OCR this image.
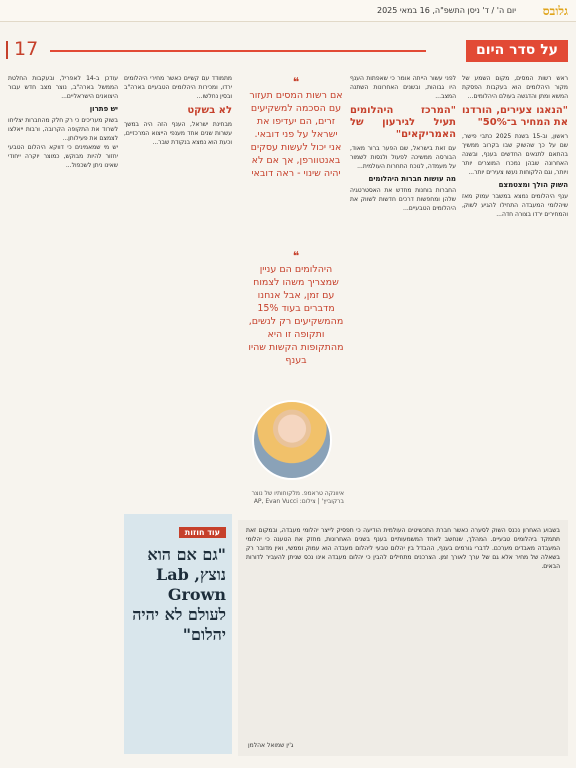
גלובס
יום ה' / ד' ניסן התשפ"ה, 16 במאי 2025
17	על סדר היום
ראש רשות המסים, מקום השמע של מקור היהלומים הוא בעקבות הפסקת המשא ומתן והדגשה בעולם היהלומים...
"הנאגו צעירים, הורדנו את המחיר ב־50%"
ראשון, וב-15 בשנת 2025 כתבי פישר, שם על כך שהשוק שבו בקרוב ממשיך בהתאם לתנאים החדשים בענף, ובשנה האחרונה שבהן נמכרו המוצרים יותר ויותר, וגם הלקוחות נעשו צעירים יותר...
השוק הולך ומצטמצם
ענף היהלומים נמצא במשבר עמוק מאז שיהלומי המעבדה התחילו להגיע לשוק, והמחירים ירדו בצורה חדה...
לפני עשור הייתה אומר כי שאפתות הענף היו גבוהות, ובשנים האחרונות השתנה המצב...
"המרכז היהלומים תעיל לגירעון של האמריקאים"
עם זאת בישראל, שם הפער ברור מאוד, הבורסה ממשיכה לפעול ולנסות לשמור על מעמדה, לנוכח התחרות העולמית...
מה עושות חברות היהלומים
החברות בוחנות מחדש את האסטרטגיה שלהן ומחפשות דרכים חדשות לשווק את היהלומים הטבעיים...
❝
אם רשות המסים תעזור עם הסכמה למשקיעים זרים, הם יעדיפו את ישראל על פני דובאי. אני יכול לעשות עסקים באנטוורפן, אך אם לא יהיה שינוי - ראה דובאי
❝
היהלומים הם עניין שמצריך משהו לצמוח עם זמן, אבל אנחנו מדברים בעוד 15% מהמשקיעים רק לנשים, ותקופה זו היא מהתקופות הקשות שהיו בענף
איוונקה טראמפ. מלקוחותיו של נוצר ברקוביץ' | צילום: AP, Evan Vucci
מתמודד עם קשיים כאשר מחירי היהלומים ירדו, ומכירות היהלומים הטבעיים בארה"ב ובסין נחלשו...
לא בשקט
מבחינת ישראל, הענף הזה היה במשך עשרות שנים אחד מענפי הייצוא המרכזיים, וכעת הוא נמצא בנקודת שבר...
עודכן ב-14 לאפריל, ובעקבות החלטת הממשל בארה"ב, נוצר מצב חדש עבור היצואנים הישראליים...
יש פתרון
בשוק מעריכים כי רק חלק מהחברות יצליחו לשרוד את התקופה הקרובה, ורבות ייאלצו לצמצם את פעילותן...
יש מי שמאמינים כי דווקא היהלום הטבעי יחזור להיות מבוקש, כמוצר יוקרה ייחודי שאינו ניתן לשכפול...
עוד חוזות
"גם אם הוא נוצץ, Lab Grown לעולם לא יהיה יהלום"
בשבוע האחרון נכנס השוק לסערה כאשר חברת התכשיטים העולמית הודיעה כי תפסיק לייצר יהלומי מעבדה, ובמקום זאת תתמקד ביהלומים טבעיים. המהלך, שנחשב לאחד המשמעותיים בענף בשנים האחרונות, מחזק את הטענה כי יהלומי המעבדה מאבדים מערכם. לדברי גורמים בענף, ההבדל בין יהלום טבעי ליהלום מעבדה הוא עמוק וממשי, ואין מדובר רק בשאלה של מחיר אלא גם של ערך לאורך זמן. הצרכנים מתחילים להבין כי יהלום מעבדה אינו נכס שניתן להעביר לדורות הבאים.
ג'ין שמואל אהלמן
